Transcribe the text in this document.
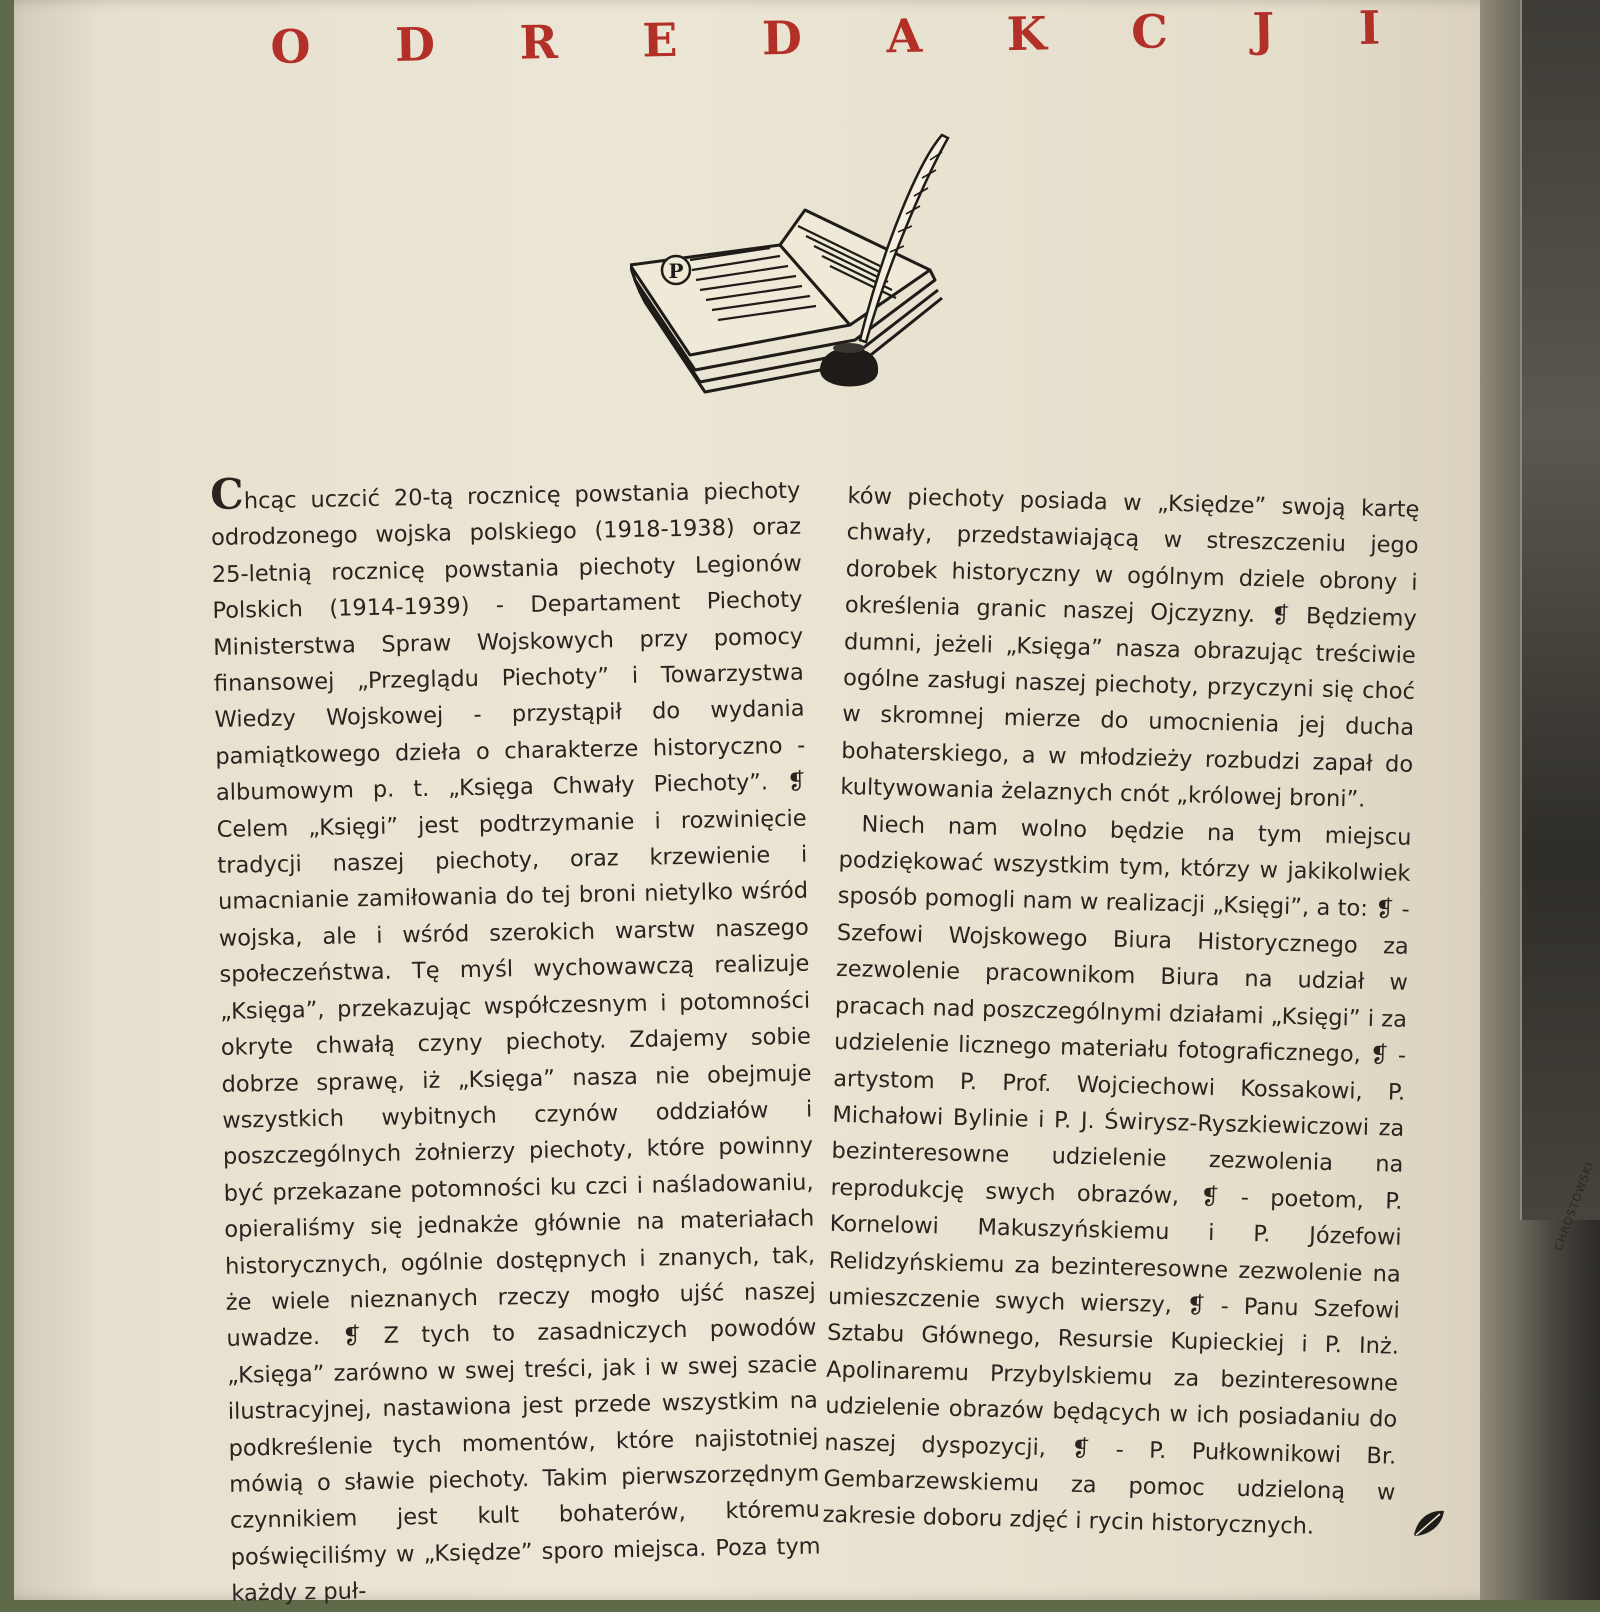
CHROSTOWSKI
O D R E D A K C J I
P

Chcąc uczcić 20-tą rocznicę powstania piechoty odrodzonego wojska polskiego (1918-1938) oraz 25-letnią rocznicę powstania piechoty Legionów Polskich (1914-1939) - Departament Piechoty Ministerstwa Spraw Wojskowych przy pomocy finansowej „Przeglądu Piechoty” i Towarzystwa Wiedzy Wojskowej - przystąpił do wydania pamiątkowego dzieła o charakterze historyczno - albumowym p. t. „Księga Chwały Piechoty”. ❡ Celem „Księgi” jest podtrzymanie i rozwinięcie tradycji naszej piechoty, oraz krzewienie i umacnianie zamiłowania do tej broni nietylko wśród wojska, ale i wśród szerokich warstw naszego społeczeństwa. Tę myśl wychowawczą realizuje „Księga”, przekazując współczesnym i potomności okryte chwałą czyny piechoty. Zdajemy sobie dobrze sprawę, iż „Księga” nasza nie obejmuje wszystkich wybitnych czynów oddziałów i poszczególnych żołnierzy piechoty, które powinny być przekazane potomności ku czci i naśladowaniu, opieraliśmy się jednakże głównie na materiałach historycznych, ogólnie dostępnych i znanych, tak, że wiele nieznanych rzeczy mogło ujść naszej uwadze. ❡ Z tych to zasadniczych powodów „Księga” zarówno w swej treści, jak i w swej szacie ilustracyjnej, nastawiona jest przede wszystkim na podkreślenie tych momentów, które najistotniej mówią o sławie piechoty. Takim pierwszorzędnym czynnikiem jest kult bohaterów, któremu poświęciliśmy w „Księdze” sporo miejsca. Poza tym każdy z puł-

ków piechoty posiada w „Księdze” swoją kartę chwały, przedstawiającą w streszczeniu jego dorobek historyczny w ogólnym dziele obrony i określenia granic naszej Ojczyzny. ❡ Będziemy dumni, jeżeli „Księga” nasza obrazując treściwie ogólne zasługi naszej piechoty, przyczyni się choć w skromnej mierze do umocnienia jej ducha bohaterskiego, a w młodzieży rozbudzi zapał do kultywowania żelaznych cnót „królowej broni”.

Niech nam wolno będzie na tym miejscu podziękować wszystkim tym, którzy w jakikolwiek sposób pomogli nam w realizacji „Księgi”, a to: ❡ - Szefowi Wojskowego Biura Historycznego za zezwolenie pracownikom Biura na udział w pracach nad poszczególnymi działami „Księgi” i za udzielenie licznego materiału fotograficznego, ❡ - artystom P. Prof. Wojciechowi Kossakowi, P. Michałowi Bylinie i P. J. Świrysz-Ryszkiewiczowi za bezinteresowne udzielenie zezwolenia na reprodukcję swych obrazów, ❡ - poetom, P. Kornelowi Makuszyńskiemu i P. Józefowi Relidzyńskiemu za bezinteresowne zezwolenie na umieszczenie swych wierszy, ❡ - Panu Szefowi Sztabu Głównego, Resursie Kupieckiej i P. Inż. Apolinaremu Przybylskiemu za bezinteresowne udzielenie obrazów będących w ich posiadaniu do naszej dyspozycji, ❡ - P. Pułkownikowi Br. Gembarzewskiemu za pomoc udzieloną w zakresie doboru zdjęć i rycin historycznych.
